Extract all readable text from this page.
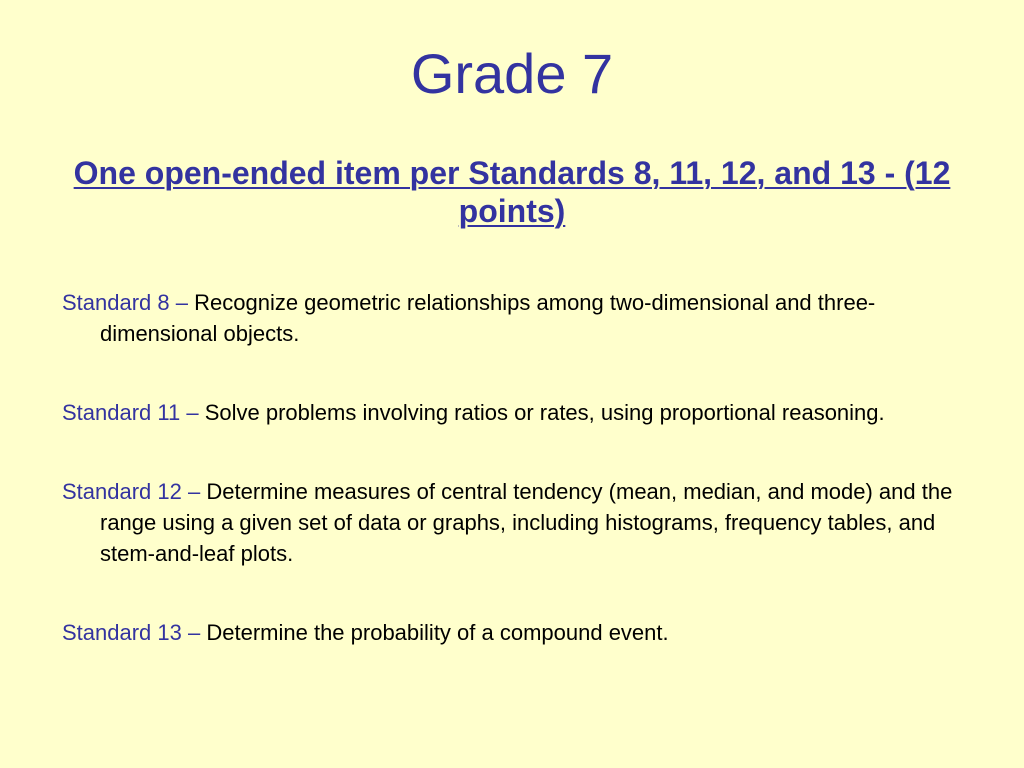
Grade 7
One open-ended item per Standards 8, 11, 12, and 13 - (12 points)

Standard 8 – Recognize geometric relationships among two-dimensional and three-dimensional objects.

Standard 11 – Solve problems involving ratios or rates, using proportional reasoning.

Standard 12 – Determine measures of central tendency (mean, median, and mode) and the range using a given set of data or graphs, including histograms, frequency tables, and stem-and-leaf plots.

Standard 13 – Determine the probability of a compound event.
